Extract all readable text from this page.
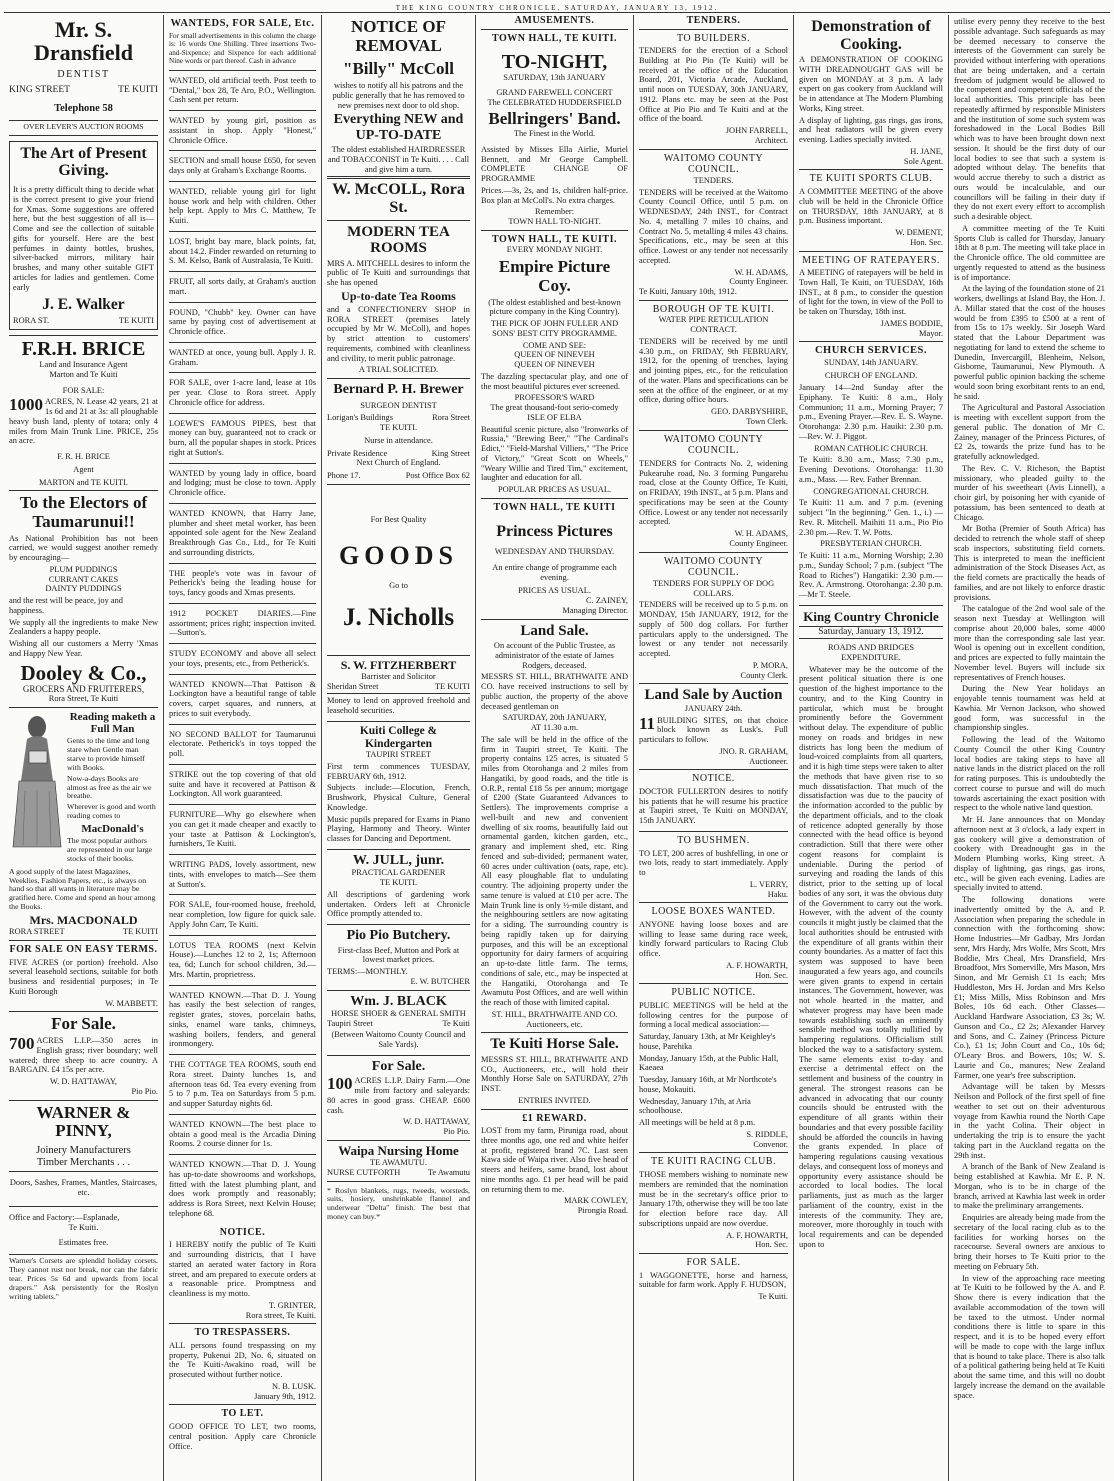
THE KING COUNTRY CHRONICLE, SATURDAY, JANUARY 13, 1912.
Mr. S. Dransfield
DENTIST
KING STREET	TE KUITI
Telephone 58
OVER LEVER'S AUCTION ROOMS
The Art of Present Giving.

It is a pretty difficult thing to decide what is the correct present to give your friend for Xmas. Some suggestions are offered here, but the best suggestion of all is—Come and see the collection of suitable gifts for yourself. Here are the best perfumes in dainty bottles, brushes, silver-backed mirrors, military hair brushes, and many other suitable GIFT articles for ladies and gentlemen. Come early

J. E. Walker
RORA ST.	TE KUITI
F.R.H. BRICE
Land and Insurance Agent
Marton and Te Kuiti
FOR SALE:

1000 ACRES, N. Lease 42 years, 21 at 1s 6d and 21 at 3s: all ploughable heavy bush land, plenty of totara; only 4 miles from Main Trunk Line. PRICE, 25s an acre.

F. R. H. BRICE
Agent
MARTON and TE KUITI.
To the Electors of Taumarunui!!

As National Prohibition has not been carried, we would suggest another remedy by encouraging—

PLUM PUDDINGS
CURRANT CAKES
DAINTY PUDDINGS

and the rest will be peace, joy and happiness.

We supply all the ingredients to make New Zealanders a happy people.

Wishing all our customers a Merry 'Xmas and Happy New Year.

Dooley & Co.,
GROCERS AND FRUITERERS,
Rora Street, Te Kuiti
Reading maketh a Full Man

Gents to the time and long stare when Gentle man starve to provide himself with Books.

Now-a-days Books are almost as free as the air we breathe.

Wherever is good and worth reading comes to

MacDonald's

The most popular authors are represented in our large stocks of their books.

A good supply of the latest Magazines, Weeklies, Fashion Papers, etc., is always on hand so that all wants in literature may be gratified here. Come and spend an hour among the Books.

Mrs. MACDONALD
RORA STREET	TE KUITI
FOR SALE ON EASY TERMS.

FIVE ACRES (or portion) freehold. Also several leasehold sections, suitable for both business and residential purposes; in Te Kuiti Borough

W. MABBETT.
For Sale.

700 ACRES L.I.P.—350 acres in English grass; river boundary; well watered; three sheep to acre country. A BARGAIN. £4 15s per acre.

W. D. HATTAWAY,
Pio Pio.
WARNER & PINNY,
Joinery Manufacturers
Timber Merchants . . .
Doors, Sashes, Frames, Mantles, Staircases, etc.
Office and Factory:—Esplanade,
Te Kuiti.
Estimates free.

Warner's Corsets are splendid holiday corsets. They cannot rust nor break, nor can the fabric tear. Prices 5s 6d and upwards from local drapers." Ask persistently for the Roslyn writing tablets."

WANTEDS, FOR SALE, Etc.

For small advertisements in this column the charge is: 16 words One Shilling. Three insertions Two-and-Sixpence; and Sixpence for each additional Nine words or part thereof. Cash in advance

WANTED, old artificial teeth. Post teeth to "Dental," box 28, Te Aro, P.O., Wellington. Cash sent per return.

WANTED by young girl, position as assistant in shop. Apply "Honest," Chronicle Office.

SECTION and small house £650, for seven days only at Graham's Exchange Rooms.

WANTED, reliable young girl for light house work and help with children. Other help kept. Apply to Mrs C. Matthew, Te Kuiti.

LOST, bright bay mare, black points, fat, about 14.2. Finder rewarded on returning to S. M. Kelso, Bank of Australasia, Te Kuiti.

FRUIT, all sorts daily, at Graham's auction mart.

FOUND, "Chubb" key. Owner can have same by paying cost of advertisement at Chronicle office.

WANTED at once, young bull. Apply J. R. Graham.

FOR SALE, over 1-acre land, lease at 10s per year. Close to Rora street. Apply Chronicle office for address.

LOEWE'S FAMOUS PIPES, best that money can buy, guaranteed not to crack or burn, all the popular shapes in stock. Prices right at Sutton's.

WANTED by young lady in office, board and lodging; must be close to town. Apply Chronicle office.

WANTED KNOWN, that Harry Jane, plumber and sheet metal worker, has been appointed sole agent for the New Zealand Breakthrough Gas Co., Ltd., for Te Kuiti and surrounding districts.

THE people's vote was in favour of Petherick's being the leading house for toys, fancy goods and Xmas presents.

1912 POCKET DIARIES.—Fine assortment; prices right; inspection invited.—Sutton's.

STUDY ECONOMY and above all select your toys, presents, etc., from Petherick's.

WANTED KNOWN—That Pattison & Lockington have a beautiful range of table covers, carpet squares, and runners, at prices to suit everybody.

NO SECOND BALLOT for Taumarunui electorate. Petherick's in toys topped the poll.

STRIKE out the top covering of that old suite and have it recovered at Pattison & Lockington. All work guaranteed.

FURNITURE—Why go elsewhere when you can get it made cheaper and exactly to your taste at Pattison & Lockington's, furnishers, Te Kuiti.

WRITING PADS, lovely assortment, new tints, with envelopes to match—See them at Sutton's.

FOR SALE, four-roomed house, freehold, near completion, low figure for quick sale. Apply John Carr, Te Kuiti.

LOTUS TEA ROOMS (next Kelvin House).—Lunches 12 to 2, 1s; Afternoon tea, 6d; Lunch for school children, 3d.—Mrs. Martin, proprietress.

WANTED KNOWN.—That D. J. Young has easily the best selection of ranges, register grates, stoves, porcelain baths, sinks, enamel ware tanks, chimneys, washing boilers, fenders, and general ironmongery.

THE COTTAGE TEA ROOMS, south end Rora street. Dainty lunches 1s, and afternoon teas 6d. Tea every evening from 5 to 7 p.m. Tea on Saturdays from 5 p.m. and supper Saturday nights 6d.

WANTED KNOWN—The best place to obtain a good meal is the Arcadia Dining Rooms. 2 course dinner for 1s.

WANTED KNOWN.—That D. J. Young has up-to-date showrooms and workshops, fitted with the latest plumbing plant, and does work promptly and reasonably; address is Rora Street, next Kelvin House; telephone 68.

NOTICE.

I HEREBY notify the public of Te Kuiti and surrounding districts, that I have started an aerated water factory in Rora street, and am prepared to execute orders at a reasonable price. Promptness and cleanliness is my motto.

T. GRINTER,
Rora street, Te Kuiti.
TO TRESPASSERS.

ALL persons found trespassing on my property, Pukenui 2D, No. 6, situated on the Te Kuiti-Awakino road, will be prosecuted without further notice.

N. B. LUSK.
January 9th, 1912.
TO LET.

GOOD OFFICE TO LET, two rooms, central position. Apply care Chronicle Office.

NOTICE OF REMOVAL
"Billy" McColl

wishes to notify all his patrons and the public generally that he has removed to new premises next door to old shop.

Everything NEW and UP-TO-DATE

The oldest established HAIRDRESSER and TOBACCONIST in Te Kuiti. . . . Call and give him a turn.

W. McCOLL, Rora St.
MODERN TEA ROOMS

MRS A. MITCHELL desires to inform the public of Te Kuiti and surroundings that she has opened

Up-to-date Tea Rooms

and a CONFECTIONERY SHOP in RORA STREET (premises lately occupied by Mr W. McColl), and hopes by strict attention to customers' requirements, combined with cleanliness and civility, to merit public patronage.

A TRIAL SOLICITED.
Bernard P. H. Brewer
SURGEON DENTIST
Lorigan's Buildings	Rora Street
TE KUITI.
Nurse in attendance.
Private Residence	King Street
Next Church of England.
Phone 17.	Post Office Box 62
For Best Quality
GOODS
Go to
J. Nicholls
S. W. FITZHERBERT
Barrister and Solicitor
Sheridan Street	TE KUITI

Money to lend on approved freehold and leasehold securities.

Kuiti College & Kindergarten
TAUPIRI STREET

First term commences TUESDAY, FEBRUARY 6th, 1912.

Subjects include:—Elocution, French, Brushwork, Physical Culture, General Knowledge.

Music pupils prepared for Exams in Piano Playing, Harmony and Theory. Winter classes for Dancing and Deportment.

W. JULL, junr.
PRACTICAL GARDENER
TE KUITI.

All descriptions of gardening work undertaken. Orders left at Chronicle Office promptly attended to.

Pio Pio Butchery.

First-class Beef, Mutton and Pork at lowest market prices.

TERMS:—MONTHLY.
E. W. BUTCHER
Wm. J. BLACK
HORSE SHOER & GENERAL SMITH
Taupiri Street	Te Kuiti

(Between Waitomo County Council and Sale Yards).

For Sale.

100 ACRES L.I.P. Dairy Farm.—One mile from factory and saleyards: 80 acres in good grass. CHEAP. £600 cash.

W. D. HATTAWAY,
Pio Pio.
Waipa Nursing Home
TE AWAMUTU.
NURSE CUTFORTH	Te Awamutu

* Roslyn blankets, rugs, tweeds, worsteds, suits, hosiery, unshrinkable flannel and underwear "Delta" finish. The best that money can buy.*

AMUSEMENTS.
TOWN HALL, TE KUITI.
TO-NIGHT,
SATURDAY, 13th JANUARY
GRAND FAREWELL CONCERT
The CELEBRATED HUDDERSFIELD
Bellringers' Band.
The Finest in the World.

Assisted by Misses Ella Airlie, Muriel Bennett, and Mr George Campbell. COMPLETE CHANGE OF PROGRAMME

Prices.—3s, 2s, and 1s, children half-price. Box plan at McColl's. No extra charges.

Remember:
TOWN HALL TO-NIGHT.
TOWN HALL, TE KUITI.
EVERY MONDAY NIGHT.
Empire Picture Coy.

(The oldest established and best-known picture company in the King Country).

THE PICK OF JOHN FULLER AND SONS' BEST CITY PROGRAMME.

COME AND SEE:
QUEEN OF NINEVEH
QUEEN OF NINEVEH

The dazzling spectacular play, and one of the most beautiful pictures ever screened.

PROFESSOR'S WARD
The great thousand-foot serio-comedy
ISLE OF ELBA

Beautiful scenic picture, also "Ironworks of Russia," "Brewing Beer," "The Cardinal's Edict," "Field-Marshal Villiers," "The Price of Victory," "Great Scott on Wheels," "Weary Willie and Tired Tim," excitement, laughter and education for all.

POPULAR PRICES AS USUAL.
TOWN HALL, TE KUITI
Princess Pictures
WEDNESDAY AND THURSDAY.

An entire change of programme each evening.

PRICES AS USUAL.
C. ZAINEY,
Managing Director.
Land Sale.

On account of the Public Trustee, as administrator of the estate of James Rodgers, deceased.

MESSRS ST. HILL, BRATHWAITE AND CO. have received instructions to sell by public auction, the property of the above deceased gentleman on

SATURDAY, 20th JANUARY,
AT 11.30 a.m.

The sale will be held in the office of the firm in Taupiri street, Te Kuiti. The property contains 125 acres, is situated 5 miles from Otorohanga and 2 miles from Hangatiki, by good roads, and the title is O.R.P., rental £18 5s per annum; mortgage of £200 (State Guaranteed Advances to Settlers). The improvements comprise a well-built and new and convenient dwelling of six rooms, beautifully laid out ornamental garden, kitchen garden, etc., granary and implement shed, etc. Ring fenced and sub-divided; permanent water, 60 acres under cultivation (oats, rape, etc). All easy ploughable flat to undulating country. The adjoining property under the same tenure is valued at £10 per acre. The Main Trunk line is only ½-mile distant, and the neighbouring settlers are now agitating for a siding. The surrounding country is being rapidly taken up for dairying purposes, and this will be an exceptional opportunity for dairy farmers of acquiring an up-to-date little farm. The terms, conditions of sale, etc., may be inspected at the Hangatiki, Otorohanga and Te Awamutu Post Offices, and are well within the reach of those with limited capital.

ST. HILL, BRATHWAITE AND CO.
Auctioneers, etc.
Te Kuiti Horse Sale.

MESSRS ST. HILL, BRATHWAITE AND CO., Auctioneers, etc., will hold their Monthly Horse Sale on SATURDAY, 27th INST.

ENTRIES INVITED.
£1 REWARD.

LOST from my farm, Piruniga road, about three months ago, one red and white heifer at profit, registered brand 7C. Last seen Kawa side of Waipa river. Also five head of steers and heifers, same brand, lost about nine months ago. £1 per head will be paid on returning them to me.

MARK COWLEY,
Pirongia Road.
TENDERS.
TO BUILDERS.

TENDERS for the erection of a School Building at Pio Pio (Te Kuiti) will be received at the office of the Education Board, 201, Victoria Arcade, Auckland, until noon on TUESDAY, 30th JANUARY, 1912. Plans etc. may be seen at the Post Office at Pio Pio and Te Kuiti and at the office of the board.

JOHN FARRELL,
Architect.
WAITOMO COUNTY COUNCIL.
TENDERS.

TENDERS will be received at the Waitomo County Council Office, until 5 p.m. on WEDNESDAY, 24th INST., for Contract No. 4, metalling 7 miles 10 chains, and Contract No. 5, metalling 4 miles 43 chains. Specifications, etc., may be seen at this office. Lowest or any tender not necessarily accepted.

W. H. ADAMS,
County Engineer.
Te Kuiti, January 10th, 1912.
BOROUGH OF TE KUITI.
WATER PIPE RETICULATION CONTRACT.

TENDERS will be received by me until 4.30 p.m., on FRIDAY, 9th FEBRUARY, 1912, for the opening of trenches, laying and jointing pipes, etc., for the reticulation of the water. Plans and specifications can be seen at the office of the engineer, or at my office, during office hours.

GEO. DARBYSHIRE,
Town Clerk.
WAITOMO COUNTY COUNCIL.

TENDERS for Contracts No. 2, widening Pukearuhe road, No. 3 forming Pungarehu road, close at the County Office, Te Kuiti, on FRIDAY, 19th INST., at 5 p.m. Plans and specifications may be seen at the County Office. Lowest or any tender not necessarily accepted.

W. H. ADAMS,
County Engineer.
WAITOMO COUNTY COUNCIL.
TENDERS FOR SUPPLY OF DOG COLLARS.

TENDERS will be received up to 5 p.m. on MONDAY, 15th JANUARY, 1912, for the supply of 500 dog collars. For further particulars apply to the undersigned. The lowest or any tender not necessarily accepted.

P. MORA,
County Clerk.
Land Sale by Auction
JANUARY 24th.

11 BUILDING SITES, on that choice block known as Lusk's. Full particulars to follow.

JNO. R. GRAHAM,
Auctioneer.
NOTICE.

DOCTOR FULLERTON desires to notify his patients that he will resume his practice at Taupiri street, Te Kuiti on MONDAY, 15th JANUARY.

TO BUSHMEN.

TO LET, 200 acres of bushfelling, in one or two lots, ready to start immediately. Apply to

L. VERRY,
Haku.
LOOSE BOXES WANTED.

ANYONE having loose boxes and are willing to lease same during race week, kindly forward particulars to Racing Club office.

A. F. HOWARTH,
Hon. Sec.
PUBLIC NOTICE.

PUBLIC MEETINGS will be held at the following centres for the purpose of forming a local medical association:—

Saturday, January 13th, at Mr Keighley's house, Parehika

Monday, January 15th, at the Public Hall, Kaeaea

Tuesday, January 16th, at Mr Northcote's house, Mokauiti.

Wednesday, January 17th, at Aria schoolhouse.

All meetings will be held at 8 p.m.

S. RIDDLE,
Convenor.
TE KUITI RACING CLUB.

THOSE members wishing to nominate new members are reminded that the nomination must be in the secretary's office prior to January 17th, otherwise they will be too late for election before race day. All subscriptions unpaid are now overdue.

A. F. HOWARTH,
Hon. Sec.
FOR SALE.

1 WAGGONETTE, horse and harness, suitable for farm work. Apply F. HUDSON,

Te Kuiti.
Demonstration of Cooking.

A DEMONSTRATION OF COOKING WITH DREADNOUGHT GAS will be given on MONDAY at 3 p.m. A lady expert on gas cookery from Auckland will be in attendance at The Modern Plumbing Works, King street.

A display of lighting, gas rings, gas irons, and heat radiators will be given every evening. Ladies specially invited.

H. JANE,
Sole Agent.
TE KUITI SPORTS CLUB.

A COMMITTEE MEETING of the above club will be held in the Chronicle Office on THURSDAY, 18th JANUARY, at 8 p.m. Business important.

W. DEMENT,
Hon. Sec.
MEETING OF RATEPAYERS.

A MEETING of ratepayers will be held in Town Hall, Te Kuiti, on TUESDAY, 16th INST., at 8 p.m., to consider the question of light for the town, in view of the Poll to be taken on Thursday, 18th inst.

JAMES BODDIE,
Mayor.
CHURCH SERVICES.
SUNDAY, 14th JANUARY.
CHURCH OF ENGLAND.

January 14—2nd Sunday after the Epiphany. Te Kuiti: 8 a.m., Holy Communion; 11 a.m., Morning Prayer; 7 p.m., Evening Prayer.—Rev. E. S. Wayne. Otorohanga: 2.30 p.m. Hauiki: 2.30 p.m.—Rev. W. J. Piggot.

ROMAN CATHOLIC CHURCH.

Te Kuiti: 8.30 a.m., Mass; 7.30 p.m., Evening Devotions. Otorohanga: 11.30 a.m., Mass. — Rev. Father Brennan.

CONGREGATIONAL CHURCH.

Te Kuiti: 11 a.m. and 7 p.m. (evening subject "In the beginning." Gen. 1., i.) — Rev. R. Mitchell. Maihiti 11 a.m., Pio Pio 2.30 pm.—Rev. T. W. Potts.

PRESBYTERIAN CHURCH.

Te Kuiti: 11 a.m., Morning Worship; 2.30 p.m., Sunday School; 7 p.m. (subject "The Road to Riches") Hangatiki: 2.30 p.m.—Rev. A. Armstrong. Otorohanga: 2.30 p.m.—Mr T. Steele.

King Country Chronicle
Saturday, January 13, 1912.
ROADS AND BRIDGES EXPENDITURE.

Whatever may be the outcome of the present political situation there is one question of the highest importance to the country, and to the King Country in particular, which must be brought prominently before the Government without delay. The expenditure of public money on roads and bridges in new districts has long been the medium of loud-voiced complaints from all quarters, and it is high time steps were taken to alter the methods that have given rise to so much dissatisfaction. That much of the dissatisfaction was due to the paucity of the information accorded to the public by the department officials, and to the cloak of reticence adopted generally by those connected with the head office is beyond contradiction. Still that there were other cogent reasons for complaint is undeniable. During the period of surveying and roading the lands of this district, prior to the setting up of local bodies of any sort, it was the obvious duty of the Government to carry out the work. However, with the advent of the county councils it might justly be claimed that the local authorities should be entrusted with the expenditure of all grants within their county boundaries. As a matter of fact this system was supposed to have been inaugurated a few years ago, and councils were given grants to expend in certain instances. The Government, however, was not whole hearted in the matter, and whatever progress may have been made towards establishing such an eminently sensible method was totally nullified by hampering regulations. Officialism still blocked the way to a satisfactory system. The same elements exist to-day and exercise a detrimental effect on the settlement and business of the country in general. The strongest reasons can be advanced in advocating that our county councils should be entrusted with the expenditure of all grants within their boundaries and that every possible facility should be afforded the councils in having the grants expended. In place of hampering regulations causing vexatious delays, and consequent loss of moneys and opportunity every assistance should be accorded to local bodies. The local parliaments, just as much as the larger parliament of the country, exist in the interests of the community. They are, moreover, more thoroughly in touch with local requirements and can be depended upon to

utilise every penny they receive to the best possible advantage. Such safeguards as may be deemed necessary to conserve the interests of the Government can surely be provided without interfering with operations that are being undertaken, and a certain freedom of judgment would be allowed to the competent and competent officials of the local authorities. This principle has been repeatedly affirmed by responsible Ministers and the institution of some such system was foreshadowed in the Local Bodies Bill which was to have been brought down next session. It should be the first duty of our local bodies to see that such a system is adopted without delay. The benefits that would accrue thereby to such a district as ours would be incalculable, and our councillors will be failing in their duty if they do not exert every effort to accomplish such a desirable object.

A committee meeting of the Te Kuiti Sports Club is called for Thursday, January 18th at 8 p.m. The meeting will take place in the Chronicle office. The old committee are urgently requested to attend as the business is of importance.

At the laying of the foundation stone of 21 workers, dwellings at Island Bay, the Hon. J. A. Millar stated that the cost of the houses would be from £395 to £500 at a rent of from 15s to 17s weekly. Sir Joseph Ward stated that the Labour Department was negotiating for land to extend the scheme to Dunedin, Invercargill, Blenheim, Nelson, Gisborne, Taumarunui, New Plymouth. A powerful public opinion backing the scheme would soon bring exorbitant rents to an end, he said.

The Agricultural and Pastoral Association is meeting with excellent support from the general public. The donation of Mr C. Zainey, manager of the Princess Pictures, of £2 2s, towards the prize fund has to be gratefully acknowledged.

The Rev. C. V. Richeson, the Baptist missionary, who pleaded guilty to the murder of his sweetheart (Avis Linnell), a choir girl, by poisoning her with cyanide of potassium, has been sentenced to death at Chicago.

Mr Botha (Premier of South Africa) has decided to retrench the whole staff of sheep scab inspectors, substituting field cornets. This is interpreted to mean the inefficient administration of the Stock Diseases Act, as the field cornets are practically the heads of families, and are not likely to enforce drastic provisions.

The catalogue of the 2nd wool sale of the season next Tuesday at Wellington will comprise about 20,000 bales, some 4000 more than the corresponding sale last year. Wool is opening out in excellent condition, and prices are expected to fully maintain the November level. Buyers will include six representatives of French houses.

During the New Year holidays an enjoyable tennis tournament was held at Kawhia. Mr Vernon Jackson, who showed good form, was successful in the championship singles.

Following the lead of the Waitomo County Council the other King Country local bodies are taking steps to have all native lands in the district placed on the roll for rating purposes. This is undoubtedly the correct course to pursue and will do much towards ascertaining the exact position with respect to the whole native land question.

Mr H. Jane announces that on Monday afternoon next at 3 o'clock, a lady expert in gas cookery will give a demonstration of cookery with Dreadnought gas in the Modern Plumbing works, King street. A display of lightning, gas rings, gas irons, etc., will be given each evening. Ladies are specially invited to attend.

The following donations were inadvertently omitted by the A. and P. Association when preparing the schedule in connection with the forthcoming show: Home Industries—Mr Gadbay, Mrs Jordan senr, Mrs Hardy, Mrs Wolfe, Mrs Scott, Mrs Boddie, Mrs Cheal, Mrs Dransfield, Mrs Broadfoot, Mrs Somerville, Mrs Mason, Mrs Sinon, and Mr Gernish £1 1s each; Mrs Huddleston, Mrs H. Jordan and Mrs Kelso £1; Miss Mills, Miss Robinson and Mrs Boles, 10s 6d each. Other Classes—Auckland Hardware Association, £3 3s; W. Gunson and Co., £2 2s; Alexander Harvey and Sons, and C. Zainey (Princess Picture Co.), £1 1s; John Court and Co., 10s 6d; O'Leary Bros. and Bowers, 10s; W. S. Laurie and Co., manures; New Zealand Farmer, one year's free subscription.

Advantage will be taken by Messrs Neilson and Pollock of the first spell of fine weather to set out on their adventurous voyage from Kawhia round the North Cape in the yacht Colina. Their object in undertaking the trip is to ensure the yacht taking part in the Auckland regatta on the 29th inst.

A branch of the Bank of New Zealand is being established at Kawhia. Mr E. P. N. Morgan, who is to be in charge of the branch, arrived at Kawhia last week in order to make the preliminary arrangements.

Enquiries are already being made from the secretary of the local racing club as to the facilities for working horses on the racecourse. Several owners are anxious to bring their horses to Te Kuiti prior to the meeting on February 5th.

In view of the approaching race meeting at Te Kuiti to be followed by the A. and P. Show there is every indication that the available accommodation of the town will be taxed to the utmost. Under normal conditions there is little to spare in this respect, and it is to be hoped every effort will be made to cope with the large influx that is bound to take place. There is also talk of a political gathering being held at Te Kuiti about the same time, and this will no doubt largely increase the demand on the available space.
